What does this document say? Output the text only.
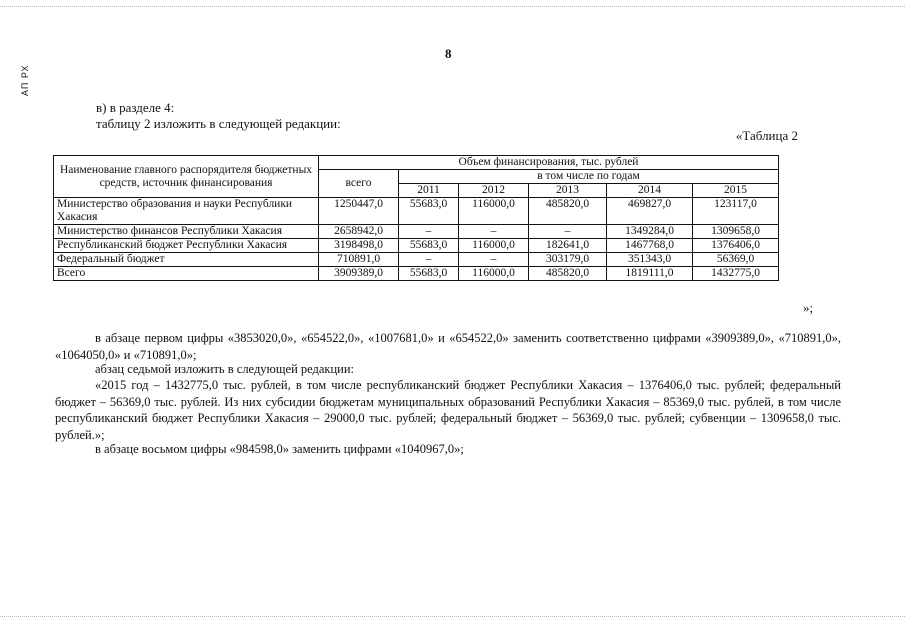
АП РХ
8
в) в разделе 4:
таблицу 2 изложить в следующей редакции:
«Таблица 2
Наименование главного распорядителя бюджетных средств, источник финансирования	Объем финансирования, тыс. рублей					
	всего	в том числе по годам				
		2011	2012	2013	2014	2015
Министерство образования и науки Республики Хакасия	1250447,0	55683,0	116000,0	485820,0	469827,0	123117,0
Министерство финансов Республики Хакасия	2658942,0	–	–	–	1349284,0	1309658,0
Республиканский бюджет Республики Хакасия	3198498,0	55683,0	116000,0	182641,0	1467768,0	1376406,0
Федеральный бюджет	710891,0	–	–	303179,0	351343,0	56369,0
Всего	3909389,0	55683,0	116000,0	485820,0	1819111,0	1432775,0
»;
в абзаце первом цифры «3853020,0», «654522,0», «1007681,0» и «654522,0» заменить соответственно цифрами «3909389,0», «710891,0», «1064050,0» и «710891,0»;
абзац седьмой изложить в следующей редакции:
«2015 год – 1432775,0 тыс. рублей, в том числе республиканский бюджет Республики Хакасия – 1376406,0 тыс. рублей; федеральный бюджет – 56369,0 тыс. рублей. Из них субсидии бюджетам муниципальных образований Республики Хакасия – 85369,0 тыс. рублей, в том числе республиканский бюджет Республики Хакасия – 29000,0 тыс. рублей; федеральный бюджет – 56369,0 тыс. рублей; субвенции – 1309658,0 тыс. рублей.»;
в абзаце восьмом цифры «984598,0» заменить цифрами «1040967,0»;
